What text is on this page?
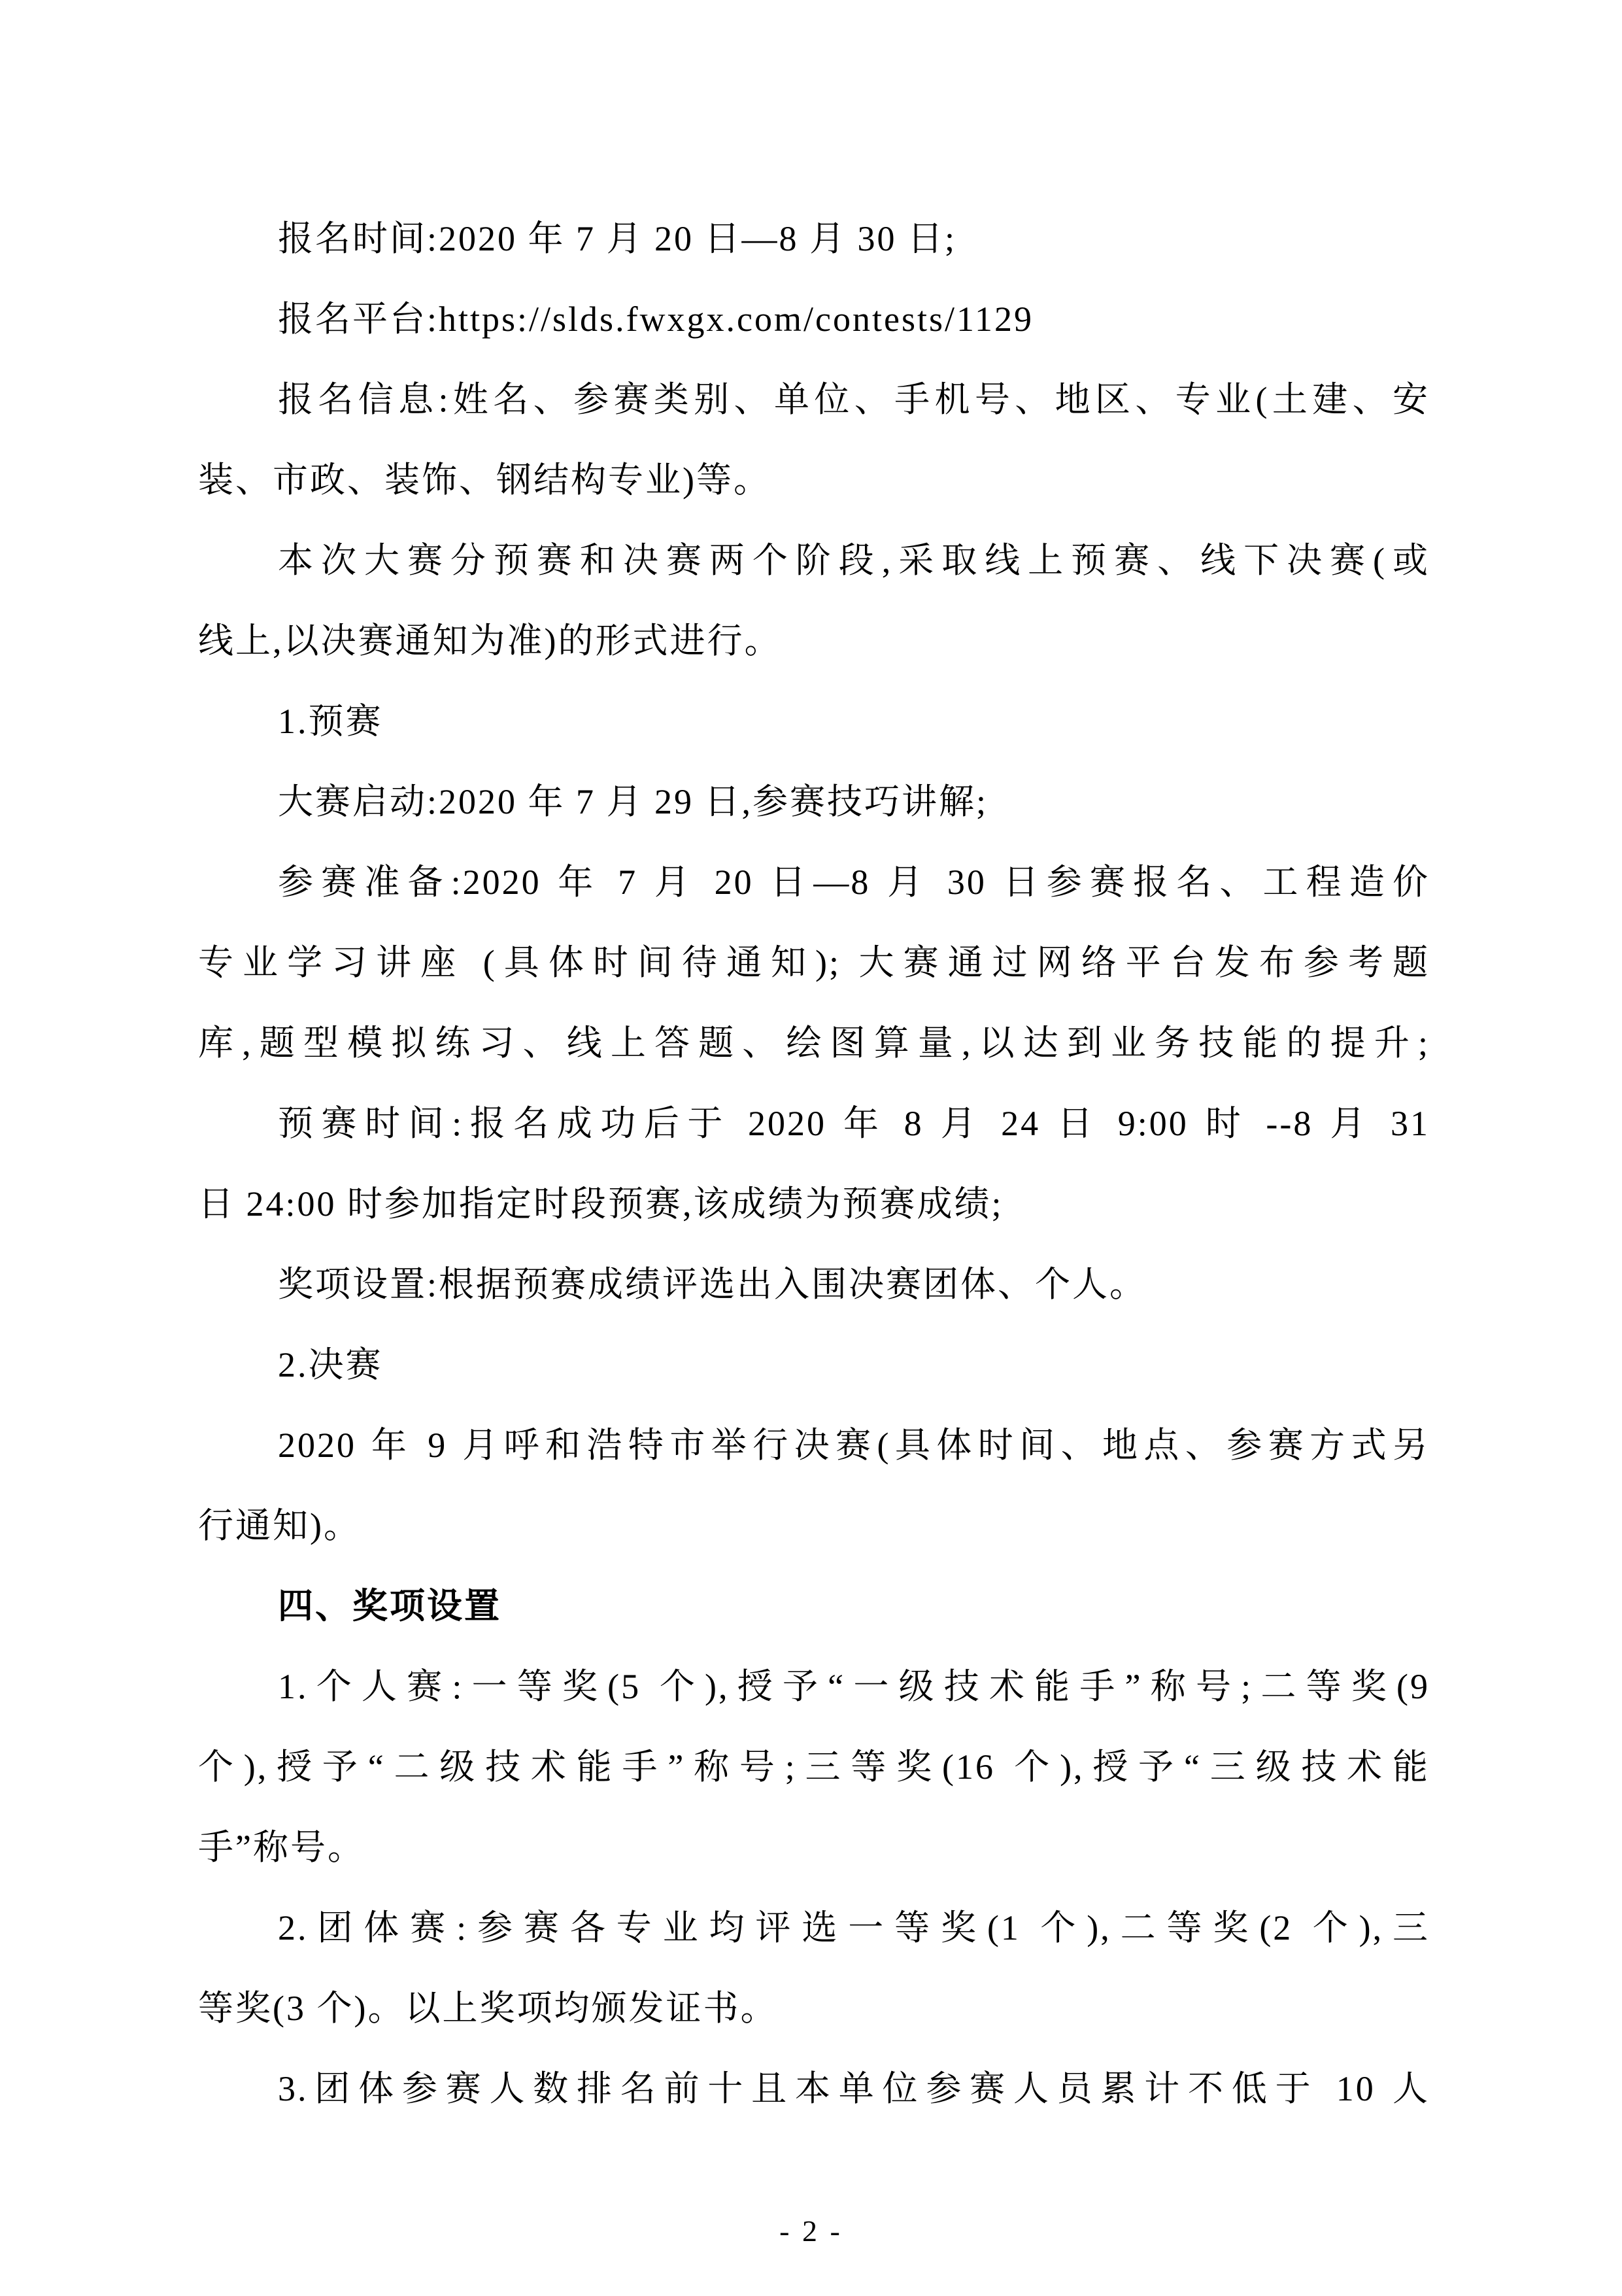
报名时间:2020 年 7 月 20 日—8 月 30 日;

报名平台:https://slds.fwxgx.com/contests/1129

报名信息:姓名、参赛类别、单位、手机号、地区、专业(土建、安

装、市政、装饰、钢结构专业)等。

本次大赛分预赛和决赛两个阶段,采取线上预赛、线下决赛(或

线上,以决赛通知为准)的形式进行。

1.预赛

大赛启动:2020 年 7 月 29 日,参赛技巧讲解;

参赛准备:2020 年 7 月 20 日—8 月 30 日参赛报名、工程造价

专业学习讲座 (具体时间待通知); 大赛通过网络平台发布参考题

库,题型模拟练习、线上答题、绘图算量,以达到业务技能的提升;

预赛时间:报名成功后于 2020 年 8 月 24 日 9:00 时 --8 月 31

日 24:00 时参加指定时段预赛,该成绩为预赛成绩;

奖项设置:根据预赛成绩评选出入围决赛团体、个人。

2.决赛

2020 年 9 月呼和浩特市举行决赛(具体时间、地点、参赛方式另

行通知)。

四、奖项设置

1.个人赛:一等奖(5 个),授予“一级技术能手”称号;二等奖(9

个),授予“二级技术能手”称号;三等奖(16 个),授予“三级技术能

手”称号。

2.团体赛:参赛各专业均评选一等奖(1 个),二等奖(2 个),三

等奖(3 个)。以上奖项均颁发证书。

3.团体参赛人数排名前十且本单位参赛人员累计不低于 10 人

- 2 -
